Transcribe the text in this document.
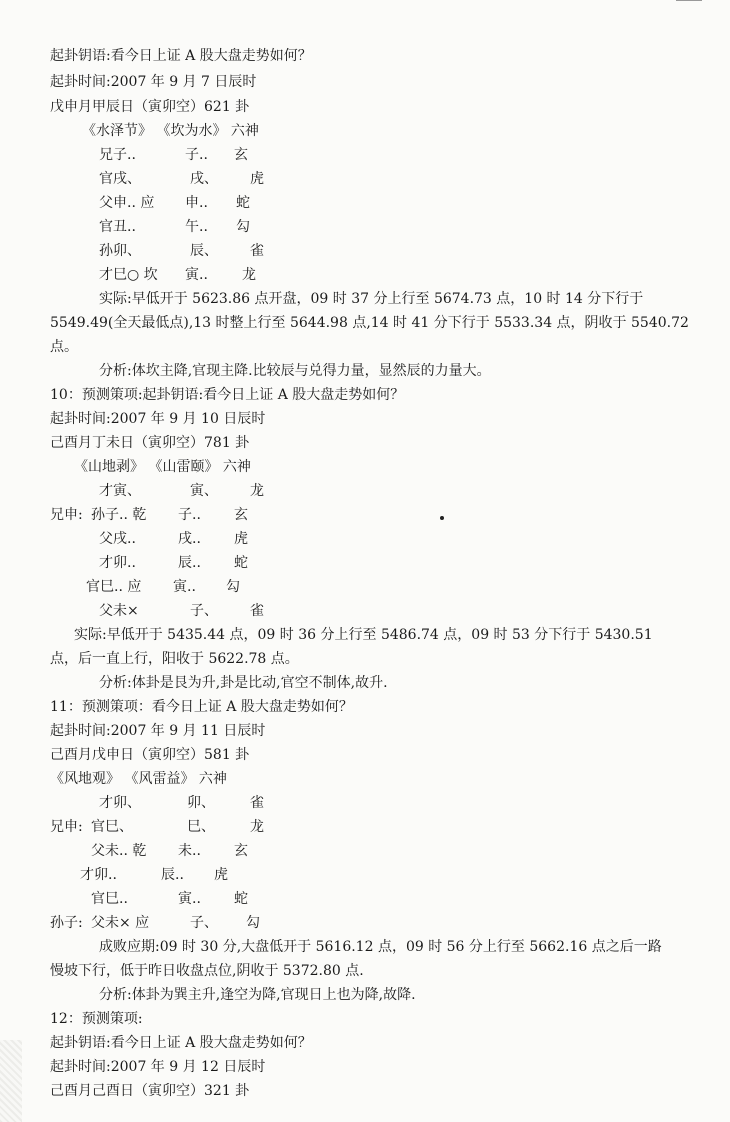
起卦钥语:看今日上证 A 股大盘走势如何？
起卦时间:2007 年 9 月 7 日辰时
戊申月甲辰日（寅卯空）621 卦
《水泽节》 《坎为水》 六神
兄子..	子.. 玄
官戌、	戌、 虎
父申.. 应 申.. 蛇
官丑..	午.. 勾
孙卯、	辰、 雀
才巳○ 坎 寅.. 龙
实际:早低开于 5623.86 点开盘，09 时 37 分上行至 5674.73 点，10 时 14 分下行于
5549.49(全天最低点),13 时整上行至 5644.98 点,14 时 41 分下行于 5533.34 点，阴收于 5540.72
点。
分析:体坎主降,官现主降.比较辰与兑得力量，显然辰的力量大。
10：预测策项:起卦钥语:看今日上证 A 股大盘走势如何？
起卦时间:2007 年 9 月 10 日辰时
己酉月丁未日（寅卯空）781 卦
《山地剥》 《山雷颐》 六神
才寅、	寅、 龙
兄申: 孙子.. 乾 子.. 玄
父戌..	戌.. 虎
才卯..	辰.. 蛇
官巳.. 应 寅.. 勾
父未×	子、 雀
实际:早低开于 5435.44 点，09 时 36 分上行至 5486.74 点，09 时 53 分下行于 5430.51
点，后一直上行，阳收于 5622.78 点。
分析:体卦是艮为升,卦是比动,官空不制体,故升.
11：预测策项：看今日上证 A 股大盘走势如何？
起卦时间:2007 年 9 月 11 日辰时
己酉月戊申日（寅卯空）581 卦
《风地观》 《风雷益》 六神
才卯、	卯、	雀
兄申: 官巳、	巳、	龙
父未.. 乾 未.. 玄
才卯..	辰.. 虎
官巳..	寅.. 蛇
孙子: 父未× 应	子、 勾
成败应期:09 时 30 分,大盘低开于 5616.12 点，09 时 56 分上行至 5662.16 点之后一路
慢坡下行，低于昨日收盘点位,阴收于 5372.80 点.
分析:体卦为巽主升,逢空为降,官现日上也为降,故降.
12：预测策项:
起卦钥语:看今日上证 A 股大盘走势如何？
起卦时间:2007 年 9 月 12 日辰时
己酉月己酉日（寅卯空）321 卦
